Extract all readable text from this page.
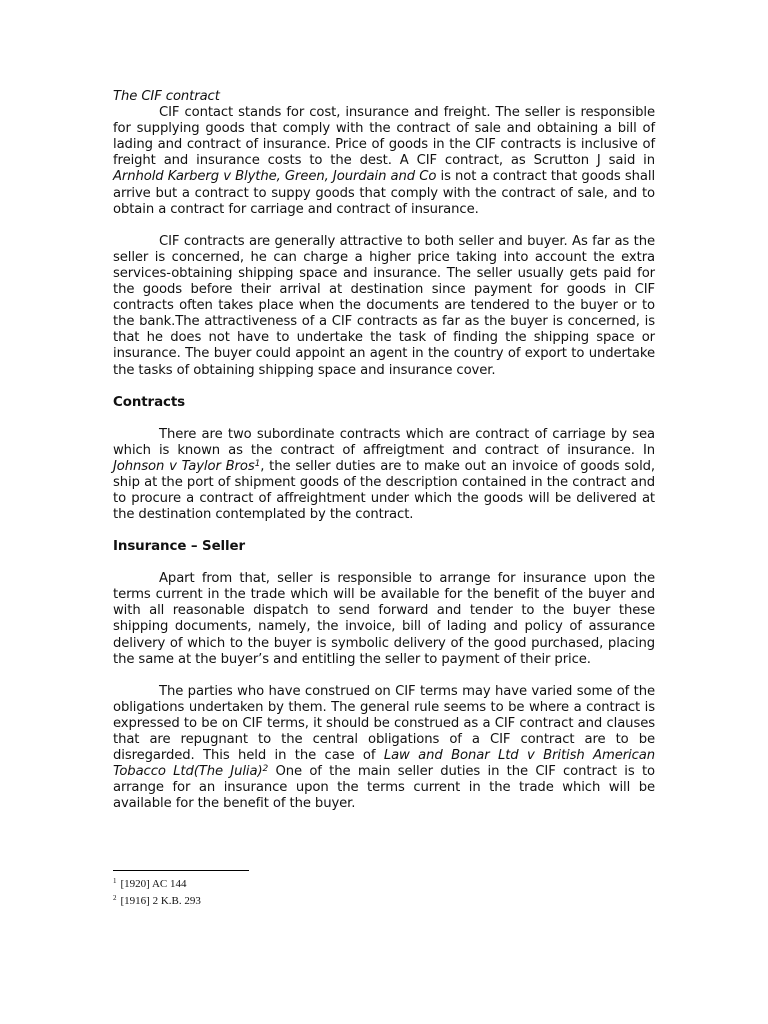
The CIF contract

CIF contact stands for cost, insurance and freight. The seller is responsible for supplying goods that comply with the contract of sale and obtaining a bill of lading and contract of insurance. Price of goods in the CIF contracts is inclusive of freight and insurance costs to the dest. A CIF contract, as Scrutton J said in Arnhold Karberg v Blythe, Green, Jourdain and Co is not a contract that goods shall arrive but a contract to suppy goods that comply with the contract of sale, and to obtain a contract for carriage and contract of insurance.

CIF contracts are generally attractive to both seller and buyer. As far as the seller is concerned, he can charge a higher price taking into account the extra services-obtaining shipping space and insurance. The seller usually gets paid for the goods before their arrival at destination since payment for goods in CIF contracts often takes place when the documents are tendered to the buyer or to the bank.The attractiveness of a CIF contracts as far as the buyer is concerned, is that he does not have to undertake the task of finding the shipping space or insurance. The buyer could appoint an agent in the country of export to undertake the tasks of obtaining shipping space and insurance cover.

Contracts

There are two subordinate contracts which are contract of carriage by sea which is known as the contract of affreigtment and contract of insurance. In Johnson v Taylor Bros$^1$, the seller duties are to make out an invoice of goods sold, ship at the port of shipment goods of the description contained in the contract and to procure a contract of affreightment under which the goods will be delivered at the destination contemplated by the contract.

Insurance – Seller

Apart from that, seller is responsible to arrange for insurance upon the terms current in the trade which will be available for the benefit of the buyer and with all reasonable dispatch to send forward and tender to the buyer these shipping documents, namely, the invoice, bill of lading and policy of assurance delivery of which to the buyer is symbolic delivery of the good purchased, placing the same at the buyer’s and entitling the seller to payment of their price.

The parties who have construed on CIF terms may have varied some of the obligations undertaken by them. The general rule seems to be where a contract is expressed to be on CIF terms, it should be construed as a CIF contract and clauses that are repugnant to the central obligations of a CIF contract are to be disregarded. This held in the case of Law and Bonar Ltd v British American Tobacco Ltd(The Julia)$^2$ One of the main seller duties in the CIF contract is to arrange for an insurance upon the terms current in the trade which will be available for the benefit of the buyer.

$^1$ [1920] AC 144
$^2$ [1916] 2 K.B. 293
